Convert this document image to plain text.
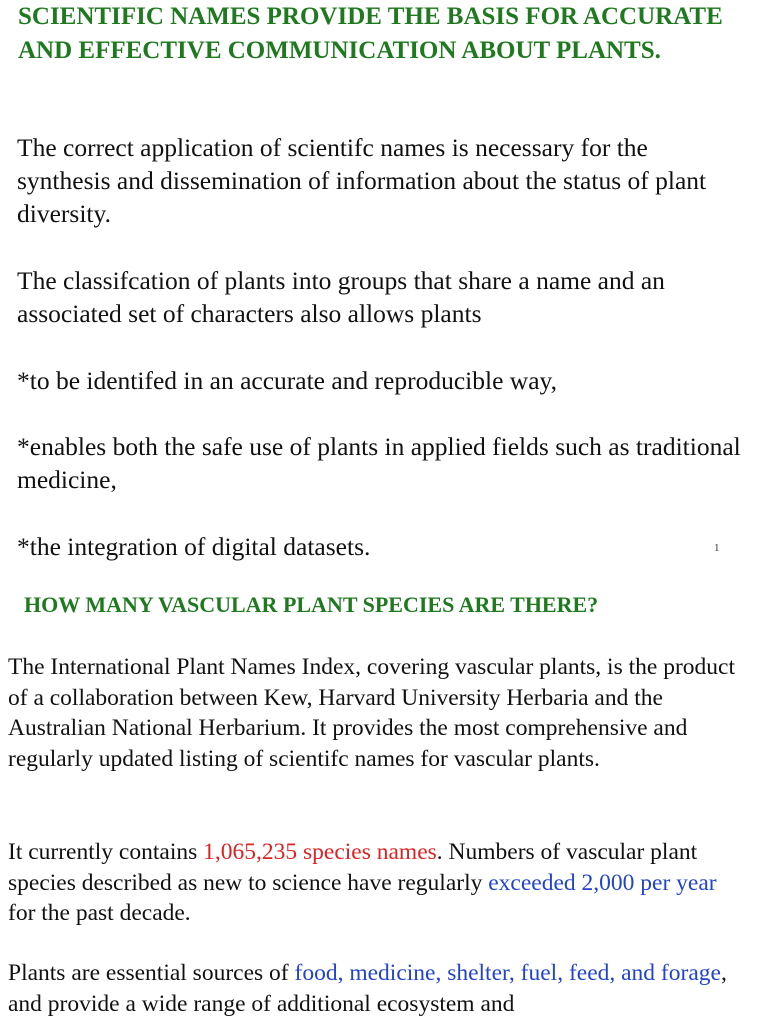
SCIENTIFIC NAMES PROVIDE THE BASIS FOR ACCURATE AND EFFECTIVE COMMUNICATION ABOUT PLANTS.

The correct application of scientifc names is necessary for the synthesis and dissemination of information about the status of plant diversity.

The classifcation of plants into groups that share a name and an associated set of characters also allows plants

*to be identifed in an accurate and reproducible way,

*enables both the safe use of plants in applied fields such as traditional medicine,

*the integration of digital datasets.	1
HOW MANY VASCULAR PLANT SPECIES ARE THERE?

The International Plant Names Index, covering vascular plants, is the product of a collaboration between Kew, Harvard University Herbaria and the Australian National Herbarium. It provides the most comprehensive and regularly updated listing of scientifc names for vascular plants.

It currently contains 1,065,235 species names. Numbers of vascular plant species described as new to science have regularly exceeded 2,000 per year for the past decade.

Plants are essential sources of food, medicine, shelter, fuel, feed, and forage, and provide a wide range of additional ecosystem and
